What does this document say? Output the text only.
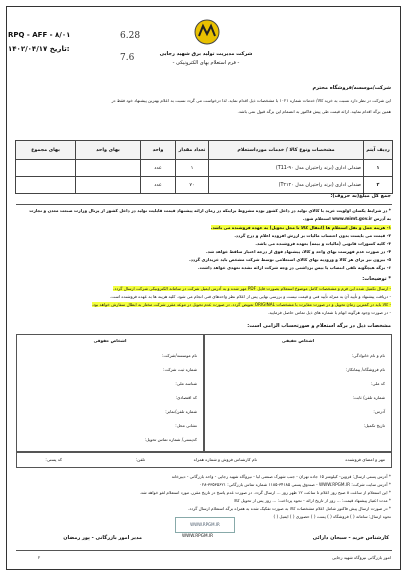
RPQ - AFF - ٨/٠١
۱۴۰۲/۰۴/۱۷ تاریخ:
6.28
7.6	شرکت مدیریت تولید برق شهید رجایی
- فرم استعلام بهای الکترونیکی -
شرکت/موسسه/فروشگاه محترم
این شرکت در نظر دارد نسبت به خرید کالا/ خدمات شماره ۱۰۲۱ با مشخصات ذیل اقدام نماید. لذا درخواست می گردد نسبت به اعلام بهترین پیشنهاد خود فقط در
همین برگه اقدام نمایید. ارائه قیمت طی پیش فاکتور به انضمام این برگه قبول نمی باشد.
ردیف آیتم	مشخصات ونوع کالا / خدمات مورداستعلام	تعداد مقدار	واحد	بهای واحد	بهای مجموع
۱	صندلی اداری (برند راحتیران مدل ۹٠-T11)	۱	عدد		
۲	صندلی اداری (برند راحتیران مدل T۲۱۲٠)	۷٠	عدد		
جمع کل مبلغ(به حروف):
* در شرایط یکسان اولویت خرید با کالای تولید در داخل کشور بوده مشروط براینکه در زمان ارائه پیشنهاد قیمت قابلیت تولید در داخل کشور از پرتال وزارت صنعت معدن و تجارت
به آدرس www.mimt.gov.ir استعلام شود.
۱- هزینه حمل و نقل استعلام ها (انتقال کالا تا محل تحویل) به عهده فروشنده می باشد.
۲- قیمت می بایست بدون احتساب مالیات بر ارزش افزوده اعلام و درج گردد.
۳- کلیه کسورات قانونی (مالیات و بیمه) بعهده فروشنده می باشد.
۴- در صورت عدم فهرست بهای واحد و کالا، پیشنهاد فوق از درجه اعتبار ساقط خواهد شد.
۵- بیرون نیز برای هر کالا و ورودیه بهای کالای استعلامی توسط شرکت مشخص باید خریداری گردد.
۶- برگه هیچگونه تلقی انتصاب یا بیس برداشتی در وجه شرکت ارائه نشده تعهدی خواهد داشت.
* توضیحات:
- ارسال تکمیل شده این فرم و مشخصات کامل موضوع استعلام بصورت فایل PDF مهر شده و به آدرس ایمیل شرکت در سامانه الکترونیکی شرکت ارسال گردد.
- دریافت پیشنهاد و تأیید آن به منزله تأیید فنی و قیمت نیست و بررسی نهایی پس از اعلام نظر واحدهای فنی انجام می شود. کلیه هزینه ها به عهده فروشنده است.
- کالا باید در کمترین زمان تحویل و در صورت مغایرت با مشخصات ORIGINAL تعویض گردد. در صورت عدم تحویل در موعد مقرر شرکت مختار به ابطال سفارش خواهد بود.
- در صورت وجود هرگونه ابهام با شماره های ذیل تماس حاصل فرمایید.
مشخصات ذیل در برگه استعلام و صورتحساب الزامی است:
اشخاص حقوقی	اشخاص حقیقی
نام موسسه/شرکت:
شماره ثبت شرکت:
شناسه ملی:
کد اقتصادی:
شماره تلفن/نمابر:
نشانی محل:
کدپستی/ شماره تماس تحویل:
نام و نام خانوادگی:
نام فروشگاه/ پیمانکار:
کد ملی:
شماره تلفن/ ثابت:
آدرس:
تاریخ تکمیل:
مهر و امضای فروشنده
نام کارشناس فروش و شماره همراه
تلفن:
کد پستی:
* آدرس پستی ارسال: قزوین- کیلومتر ۱۵ جاده تهران - جنب شهرک صنعتی لیا - نیروگاه شهید رجایی - واحد بازرگانی - دبیرخانه
* آدرس سایت شرکت: WWW.RPGM.IR - صندوق پستی ۳۴۱۸۵-۱۱۸۵ شماره تماس بازرگانی: ۳۳۵۳۵۶۲۱-۰۲۸
* این استعلام از ساعت ۸ صبح روز اعلام تا ساعت ۱۲ ظهر روز ... ارسال گردد. در صورت عدم پاسخ در تاریخ مقرر، مورد استعلام لغو خواهد شد.
* مدت اعتبار پیشنهاد قیمت: ... روز از تاریخ ارائه - نحوه پرداخت: ... روز پس از تحویل کالا
* در صورت ارسال پیش فاکتور شامل اعلام مشخصات کالا به صورت تفکیک شده به همراه برگه استعلام ارسال گردد.
نحوه ارسال: سامانه ( ) فروشگاه ( ) پست ( ) حضوری ( ) ایمیل ( )
WWW.RPGM.IR
کارشناس خرید - سبحان دارائی
مدیر امور بازرگانی - پور رمضان	WWW.RPGM.IR
۲	امور بازرگانی نیروگاه شهید رجایی
